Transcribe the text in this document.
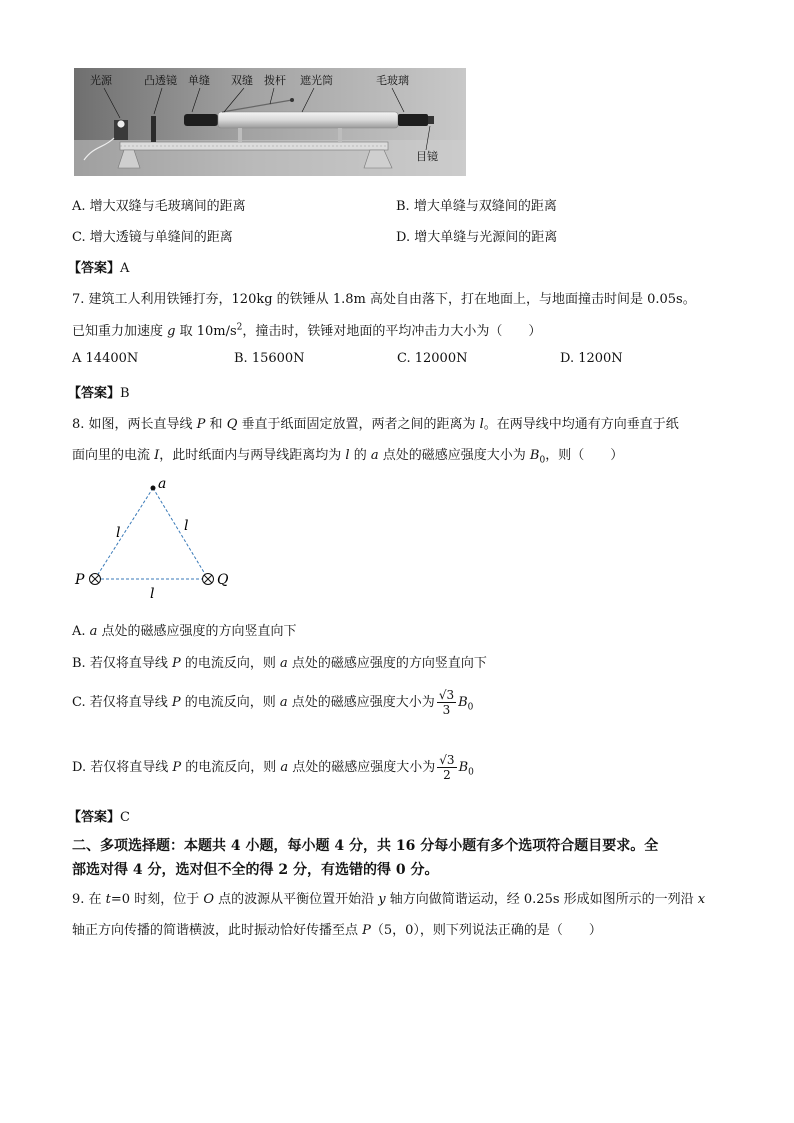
光源	凸透镜 单缝 双缝 拨杆 遮光筒	毛玻璃
目镜
A. 增大双缝与毛玻璃间的距离	B. 增大单缝与双缝间的距离
C. 增大透镜与单缝间的距离	D. 增大单缝与光源间的距离
【答案】A
7. 建筑工人利用铁锤打夯，120kg 的铁锤从 1.8m 高处自由落下，打在地面上，与地面撞击时间是 0.05s。
已知重力加速度 g 取 $10m/s^2$，撞击时，铁锤对地面的平均冲击力大小为（　　）
A 14400N	B. 15600N	C. 12000N	D. 1200N
【答案】B
8. 如图，两长直导线 P 和 Q 垂直于纸面固定放置，两者之间的距离为 l。在两导线中均通有方向垂直于纸
面向里的电流 I，此时纸面内与两导线距离均为 l 的 a 点处的磁感应强度大小为 $B_0$，则（　　）
a
P	Q
l	l
l
A. a 点处的磁感应强度的方向竖直向下
B. 若仅将直导线 P 的电流反向，则 a 点处的磁感应强度的方向竖直向下
C. 若仅将直导线 P 的电流反向，则 a 点处的磁感应强度大小为 $\frac{√3}{3} B_0$
D. 若仅将直导线 P 的电流反向，则 a 点处的磁感应强度大小为 $\frac{√3}{2} B_0$
【答案】C
二、多项选择题：本题共 4 小题，每小题 4 分，共 16 分每小题有多个选项符合题目要求。全
部选对得 4 分，选对但不全的得 2 分，有选错的得 0 分。
9. 在 t=0 时刻，位于 O 点的波源从平衡位置开始沿 y 轴方向做简谐运动，经 0.25s 形成如图所示的一列沿 x
轴正方向传播的简谐横波，此时振动恰好传播至点 P（5，0），则下列说法正确的是（　　）
